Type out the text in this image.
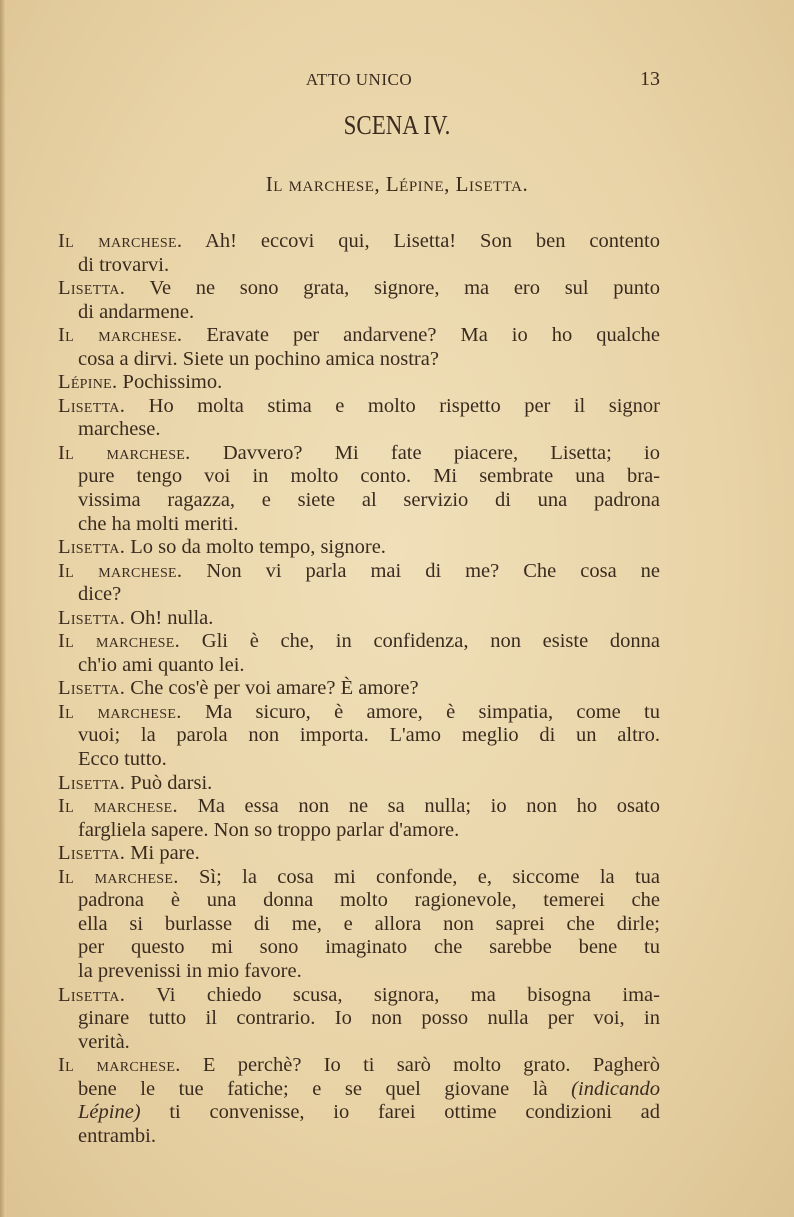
ATTO UNICO	13
SCENA IV.
Il marchese, Lépine, Lisetta.
Il marchese. Ah! eccovi qui, Lisetta! Son ben contento
di trovarvi.
Lisetta. Ve ne sono grata, signore, ma ero sul punto
di andarmene.
Il marchese. Eravate per andarvene? Ma io ho qualche
cosa a dirvi. Siete un pochino amica nostra?
Lépine. Pochissimo.
Lisetta. Ho molta stima e molto rispetto per il signor
marchese.
Il marchese. Davvero? Mi fate piacere, Lisetta; io
pure tengo voi in molto conto. Mi sembrate una bra-
vissima ragazza, e siete al servizio di una padrona
che ha molti meriti.
Lisetta. Lo so da molto tempo, signore.
Il marchese. Non vi parla mai di me? Che cosa ne
dice?
Lisetta. Oh! nulla.
Il marchese. Gli è che, in confidenza, non esiste donna
ch'io ami quanto lei.
Lisetta. Che cos'è per voi amare? È amore?
Il marchese. Ma sicuro, è amore, è simpatia, come tu
vuoi; la parola non importa. L'amo meglio di un altro.
Ecco tutto.
Lisetta. Può darsi.
Il marchese. Ma essa non ne sa nulla; io non ho osato
fargliela sapere. Non so troppo parlar d'amore.
Lisetta. Mi pare.
Il marchese. Sì; la cosa mi confonde, e, siccome la tua
padrona è una donna molto ragionevole, temerei che
ella si burlasse di me, e allora non saprei che dirle;
per questo mi sono imaginato che sarebbe bene tu
la prevenissi in mio favore.
Lisetta. Vi chiedo scusa, signora, ma bisogna ima-
ginare tutto il contrario. Io non posso nulla per voi, in
verità.
Il marchese. E perchè? Io ti sarò molto grato. Pagherò
bene le tue fatiche; e se quel giovane là (indicando
Lépine) ti convenisse, io farei ottime condizioni ad
entrambi.
